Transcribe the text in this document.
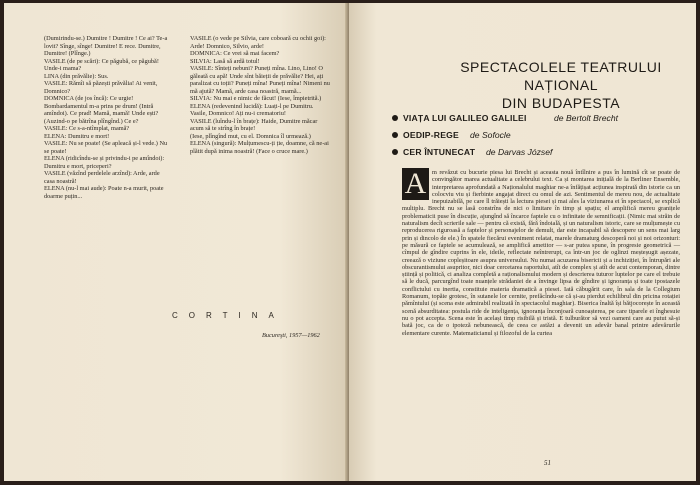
(Dumirindu-se.) Dumitre ! Dumitre ! Ce ai? Te-a lovit? Sînge, sînge! Dumitre! E rece. Dumitre, Dumitre! (Plînge.)
VASILE (de pe scări): Ce păgubă, ce păgubă! Unde-i mama?
LINA (din prăvălie): Sus.
VASILE: Rămîi să păzești prăvălia! Ai venit, Domnico?
DOMNICA (de jos încă): Ce urgie! Bombardamentul m-a prins pe drum! (Intră amîndoi). Ce prad! Mamă, mamă! Unde ești? (Auzind-o pe bătrîna plîngînd.) Ce e?
VASILE: Ce s-a-ntîmplat, mamă?
ELENA: Dumitru e mort!
VASILE: Nu se poate! (Se apleacă și-l vede.) Nu se poate!
ELENA (ridicîndu-se și privindu-i pe amîndoi): Dumitru e mort, priceperi?
VASILE (văzînd perdelele arzînd): Arde, arde casa noastră!
ELENA (nu-l mai aude): Poate n-a murit, poate doarme puțin...
VASILE (o vede pe Silvia, care coboară cu ochii goi): Arde! Domnico, Silvio, arde!
DOMNICA: Ce vrei să mai facem?
SILVIA: Lasă să ardă totul!
VASILE: Sînteți nebuni? Puneți mîna. Lino, Lino! O găleată cu apă! Unde sînt băieții de prăvălie? Hei, ați paralizat cu toții? Puneți mîna! Puneți mîna! Nimeni nu mă ajută? Mamă, arde casa noastră, mamă...
SILVIA: Nu mai e nimic de făcut! (Iese, împietrită.)
ELENA (redevenind lucidă): Luați-l pe Dumitru. Vasile, Domnico! Ați nu-i crematoriu!
VASILE (luîndu-l în brațe): Haide, Dumitre măcar acum să te strîng în brațe!
(Iese, plîngînd mut, cu el. Domnica îl urmează.)
ELENA (singură): Mulțumescu-ți ție, doamne, că ne-ai plătit după inima noastră! (Face o cruce mare.)
CORTINA
Bucureşti, 1957—1962
SPECTACOLELE TEATRULUI NAȚIONAL
DIN BUDAPESTA
VIAȚA LUI GALILEO GALILEI	de Bertolt Brecht
OEDIP-REGE de Sofocle
CER ÎNTUNECAT de Darvas József
m revăzut cu bucurie piesa lui Brecht și aceasta nouă întîlnire a pus în lumină cît se poate de convingător marea actualitate a celebrului text. Ca și montarea inițială de la Berliner Ensemble, interpretarea aprofundată a Naționalului maghiar ne-a înfățișat acțiunea inspirată din istorie ca un colocviu viu și fierbinte angajat direct cu omul de azi. Sentimentul de mereu nou, de actualitate inepuizabilă, pe care îl trăiești la lectura piesei și mai ales la viziunarea ei în spectacol, se explică multiplu. Brecht nu se lasă constrîns de nici o limitare în timp și spațiu; el amplifică mereu granițele problematicii puse în discuție, ajungînd să încarce faptele cu o infinitate de semnificații. (Nimic mai străin de naturalism decît scrierile sale — pentru că există, fără îndoială, și un naturalism istoric, care se mulțumește cu reproducerea riguroasă a faptelor și personajelor de demult, dar este incapabil să descopere un sens mai larg prin și dincolo de ele.) În spatele fiecărui eveniment relatat, marele dramaturg descoperă noi și noi orizonturi: pe măsură ce faptele se acumulează, se amplifică ametitor — s-ar putea spune, în progresie geometrică — cîmpul de gîndire cuprins în ele, ideile, reflectate neîntrerupt, ca într-un joc de oglinzi meșteșugit așezate, creează o viziune copleșitoare asupra universului. Nu numai acuzarea bisericii și a inchiziției, în întrupări ale obscurantismului asupritor, nici doar cercetarea raportului, atît de complex și atît de acut contemporan, dintre știință și politică, ci analiza completă a raționalismului modern și descrierea tuturor luptelor pe care el trebuie să le ducă, parcurgînd toate nuanțele strădaniei de a învinge lipsa de gîndire și ignoranța și toate ipostazele conflictului cu inertia, constituie materia dramatică a piesei. Iată căbugărit care, în sala de la Collegium Romanum, topăie grotesc, în sutanele lor cernite, prefăcîndu-se că și-au pierdut echilibrul din pricina rotației pămîntului (și scena este admirabil realizată în spectacolul maghiar). Biserica înaltă își bătjocorește în această scenă absurditatea: postula ride de inteligența, ignoranța înconjoară cunoașterea, pe care tiparele ei înghesuie nu o pot accepta. Scena este în același timp risibilă și tristă. E tulburător să vezi oameni care au putut să-și bată joc, ca de o ipoteză nebunească, de ceea ce astăzi a devenit un adevăr banal printre adevărurile elementare curente. Matematicianul și filozoful de la curtea
A
51
